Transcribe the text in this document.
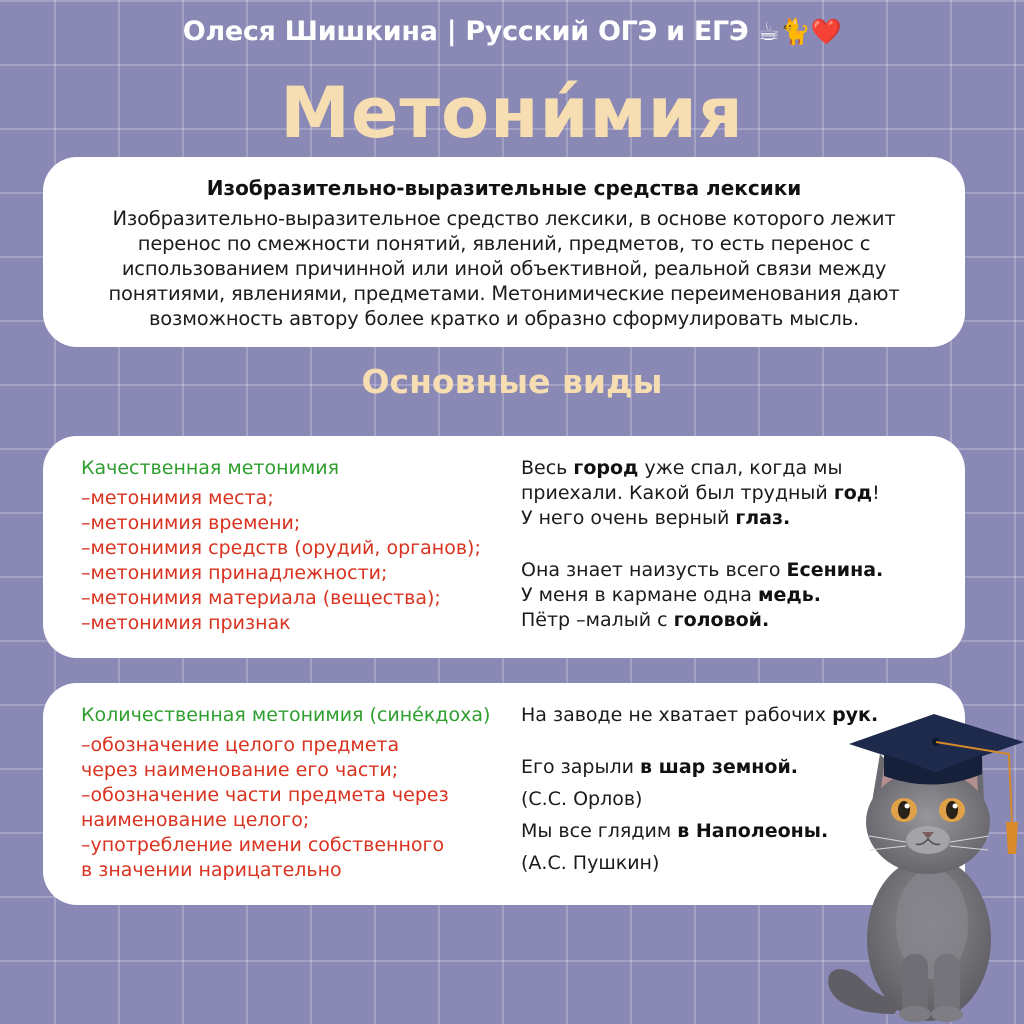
Олеся Шишкина | Русский ОГЭ и ЕГЭ ☕🐈❤️
Метони́мия
Изобразительно-выразительные средства лексики
Изобразительно-выразительное средство лексики, в основе которого лежит перенос по смежности понятий, явлений, предметов, то есть перенос с использованием причинной или иной объективной, реальной связи между понятиями, явлениями, предметами. Метонимические переименования дают возможность автору более кратко и образно сформулировать мысль.
Основные виды
Качественная метонимия
–метонимия места;
–метонимия времени;
–метонимия средств (орудий, органов);
–метонимия принадлежности;
–метонимия материала (вещества);
–метонимия признак
Весь город уже спал, когда мы
приехали. Какой был трудный год!
У него очень верный глаз.
Она знает наизусть всего Есенина.
У меня в кармане одна медь.
Пётр –малый с головой.
Количественная метонимия (сине́кдоха)
–обозначение целого предмета
через наименование его части;
–обозначение части предмета через
наименование целого;
–употребление имени собственного
в значении нарицательно
На заводе не хватает рабочих рук.
Его зарыли в шар земной.
(С.С. Орлов)
Мы все глядим в Наполеоны.
(А.С. Пушкин)
